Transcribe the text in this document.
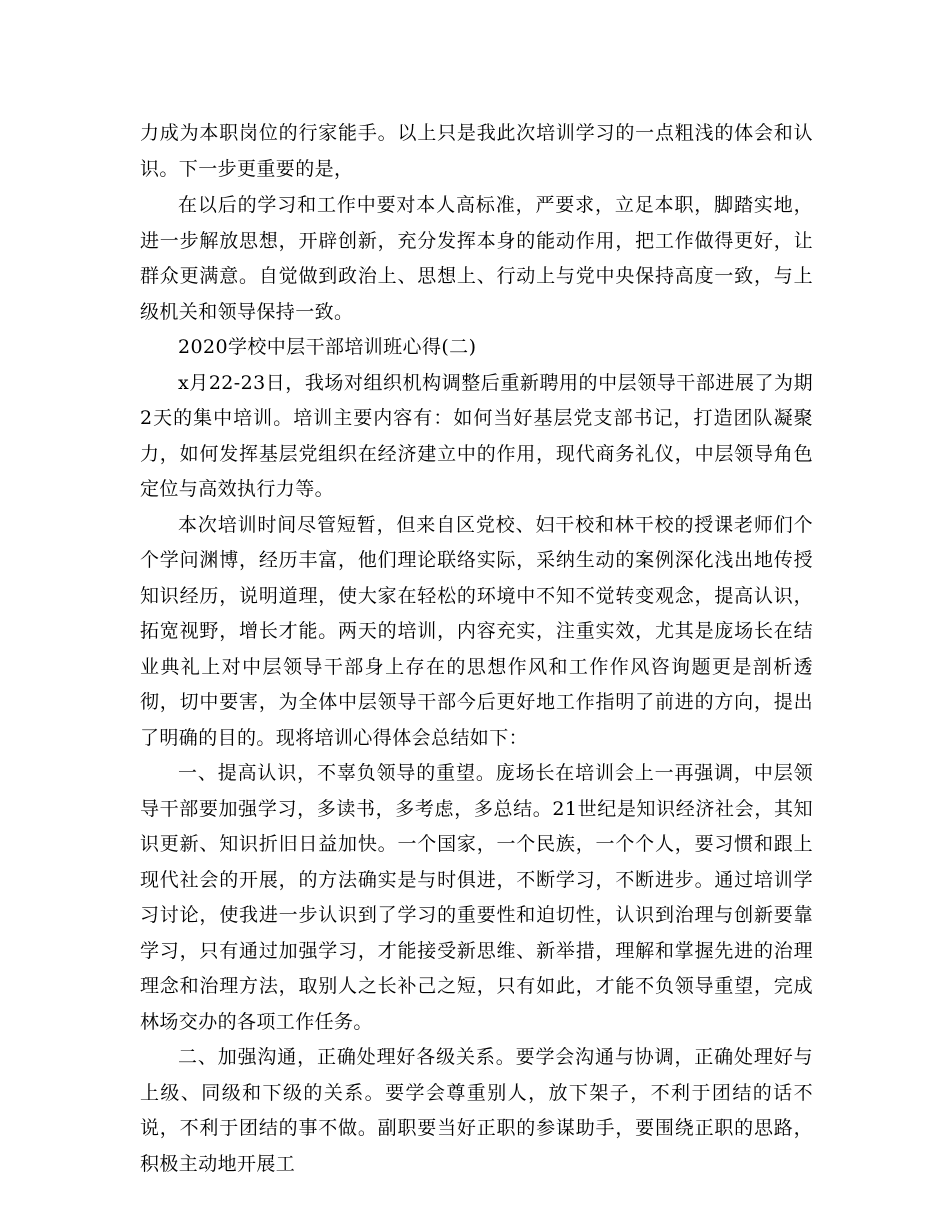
力成为本职岗位的行家能手。以上只是我此次培训学习的一点粗浅的体会和认识。下一步更重要的是，

在以后的学习和工作中要对本人高标准，严要求，立足本职，脚踏实地，进一步解放思想，开辟创新，充分发挥本身的能动作用，把工作做得更好，让群众更满意。自觉做到政治上、思想上、行动上与党中央保持高度一致，与上级机关和领导保持一致。

2020学校中层干部培训班心得(二)

x月22-23日，我场对组织机构调整后重新聘用的中层领导干部进展了为期2天的集中培训。培训主要内容有：如何当好基层党支部书记，打造团队凝聚力，如何发挥基层党组织在经济建立中的作用，现代商务礼仪，中层领导角色定位与高效执行力等。

本次培训时间尽管短暂，但来自区党校、妇干校和林干校的授课老师们个个学问渊博，经历丰富，他们理论联络实际，采纳生动的案例深化浅出地传授知识经历，说明道理，使大家在轻松的环境中不知不觉转变观念，提高认识，拓宽视野，增长才能。两天的培训，内容充实，注重实效，尤其是庞场长在结业典礼上对中层领导干部身上存在的思想作风和工作作风咨询题更是剖析透彻，切中要害，为全体中层领导干部今后更好地工作指明了前进的方向，提出了明确的目的。现将培训心得体会总结如下：

一、提高认识，不辜负领导的重望。庞场长在培训会上一再强调，中层领导干部要加强学习，多读书，多考虑，多总结。21世纪是知识经济社会，其知识更新、知识折旧日益加快。一个国家，一个民族，一个个人，要习惯和跟上现代社会的开展，的方法确实是与时俱进，不断学习，不断进步。通过培训学习讨论，使我进一步认识到了学习的重要性和迫切性，认识到治理与创新要靠学习，只有通过加强学习，才能接受新思维、新举措，理解和掌握先进的治理理念和治理方法，取别人之长补己之短，只有如此，才能不负领导重望，完成林场交办的各项工作任务。

二、加强沟通，正确处理好各级关系。要学会沟通与协调，正确处理好与上级、同级和下级的关系。要学会尊重别人，放下架子，不利于团结的话不说，不利于团结的事不做。副职要当好正职的参谋助手，要围绕正职的思路，积极主动地开展工
